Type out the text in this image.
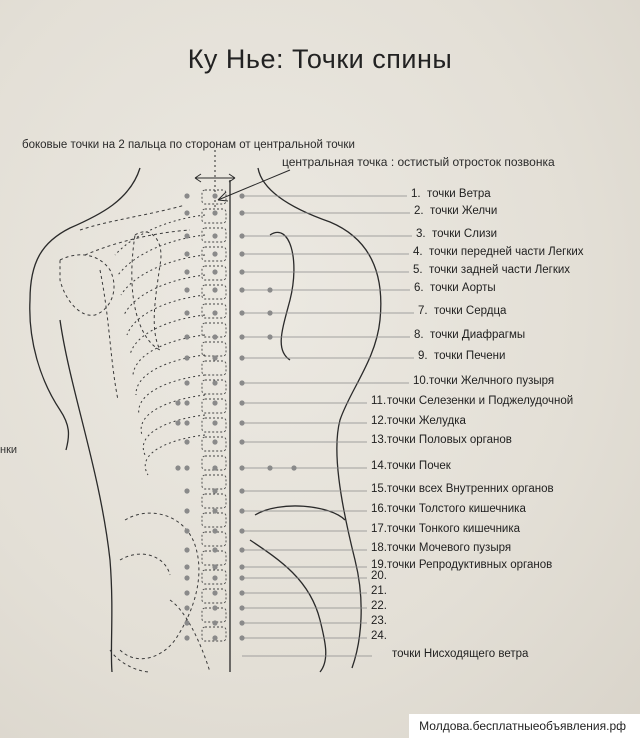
Ку Нье: Точки спины
боковые точки на 2 пальца по сторонам от центральной точки
центральная точка : остистый отросток позвонка
нки
1. точки Ветра
2. точки Желчи
3. точки Слизи
4. точки передней части Легких
5. точки задней части Легких
6. точки Аорты
7. точки Сердца
8. точки Диафрагмы
9. точки Печени
10.точки Желчного пузыря
11.точки Селезенки и Поджелудочной
12.точки Желудка
13.точки Половых органов
14.точки Почек
15.точки всех Внутренних органов
16.точки Толстого кишечника
17.точки Тонкого кишечника
18.точки Мочевого пузыря
19.точки Репродуктивных органов
20.
21.
22.
23.
24.
точки Нисходящего ветра
Молдова.бесплатныеобъявления.рф
